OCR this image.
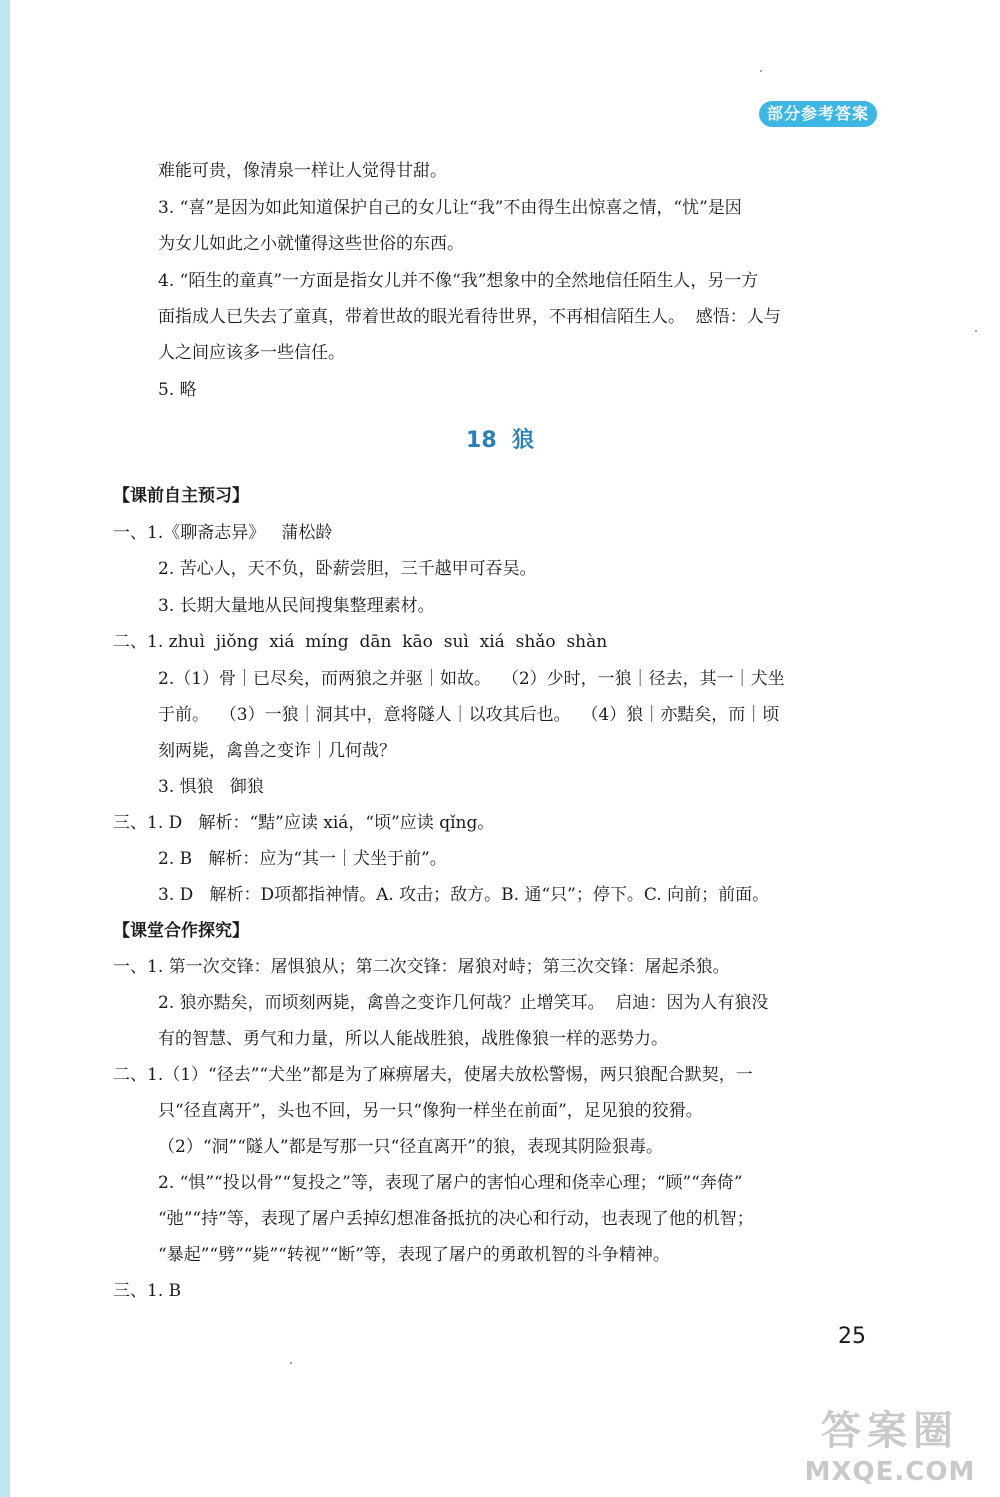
部分参考答案
难能可贵，像清泉一样让人觉得甘甜。
3. “喜”是因为如此知道保护自己的女儿让“我”不由得生出惊喜之情，“忧”是因
为女儿如此之小就懂得这些世俗的东西。
4. “陌生的童真”一方面是指女儿并不像“我”想象中的全然地信任陌生人，另一方
面指成人已失去了童真，带着世故的眼光看待世界，不再相信陌生人。  感悟：人与
人之间应该多一些信任。
5. 略
18  狼
【课前自主预习】
一、1.《聊斋志异》   蒲松龄
2. 苦心人，天不负，卧薪尝胆，三千越甲可吞吴。
3. 长期大量地从民间搜集整理素材。
二、1. zhuì  jiǒng  xiá  míng  dān  kāo  suì  xiá  shǎo  shàn
2.（1）骨｜已尽矣，而两狼之并驱｜如故。  （2）少时，一狼｜径去，其一｜犬坐
于前。  （3）一狼｜洞其中，意将隧人｜以攻其后也。  （4）狼｜亦黠矣，而｜顷
刻两毙，禽兽之变诈｜几何哉？
3. 惧狼   御狼
三、1. D   解析：“黠”应读 xiá，“顷”应读 qǐng。
2. B   解析：应为“其一｜犬坐于前”。
3. D   解析：D项都指神情。A. 攻击；敌方。B. 通“只”；停下。C. 向前；前面。
【课堂合作探究】
一、1. 第一次交锋：屠惧狼从；第二次交锋：屠狼对峙；第三次交锋：屠起杀狼。
2. 狼亦黠矣，而顷刻两毙，禽兽之变诈几何哉？止增笑耳。  启迪：因为人有狼没
有的智慧、勇气和力量，所以人能战胜狼，战胜像狼一样的恶势力。
二、1.（1）“径去”“犬坐”都是为了麻痹屠夫，使屠夫放松警惕，两只狼配合默契，一
只“径直离开”，头也不回，另一只“像狗一样坐在前面”，足见狼的狡猾。
（2）“洞”“隧人”都是写那一只“径直离开”的狼，表现其阴险狠毒。
2. “惧”“投以骨”“复投之”等，表现了屠户的害怕心理和侥幸心理；“顾”“奔倚”
“弛”“持”等，表现了屠户丢掉幻想准备抵抗的决心和行动，也表现了他的机智；
“暴起”“劈”“毙”“转视”“断”等，表现了屠户的勇敢机智的斗争精神。
三、1. B
25
答案圈
MXQE.COM
